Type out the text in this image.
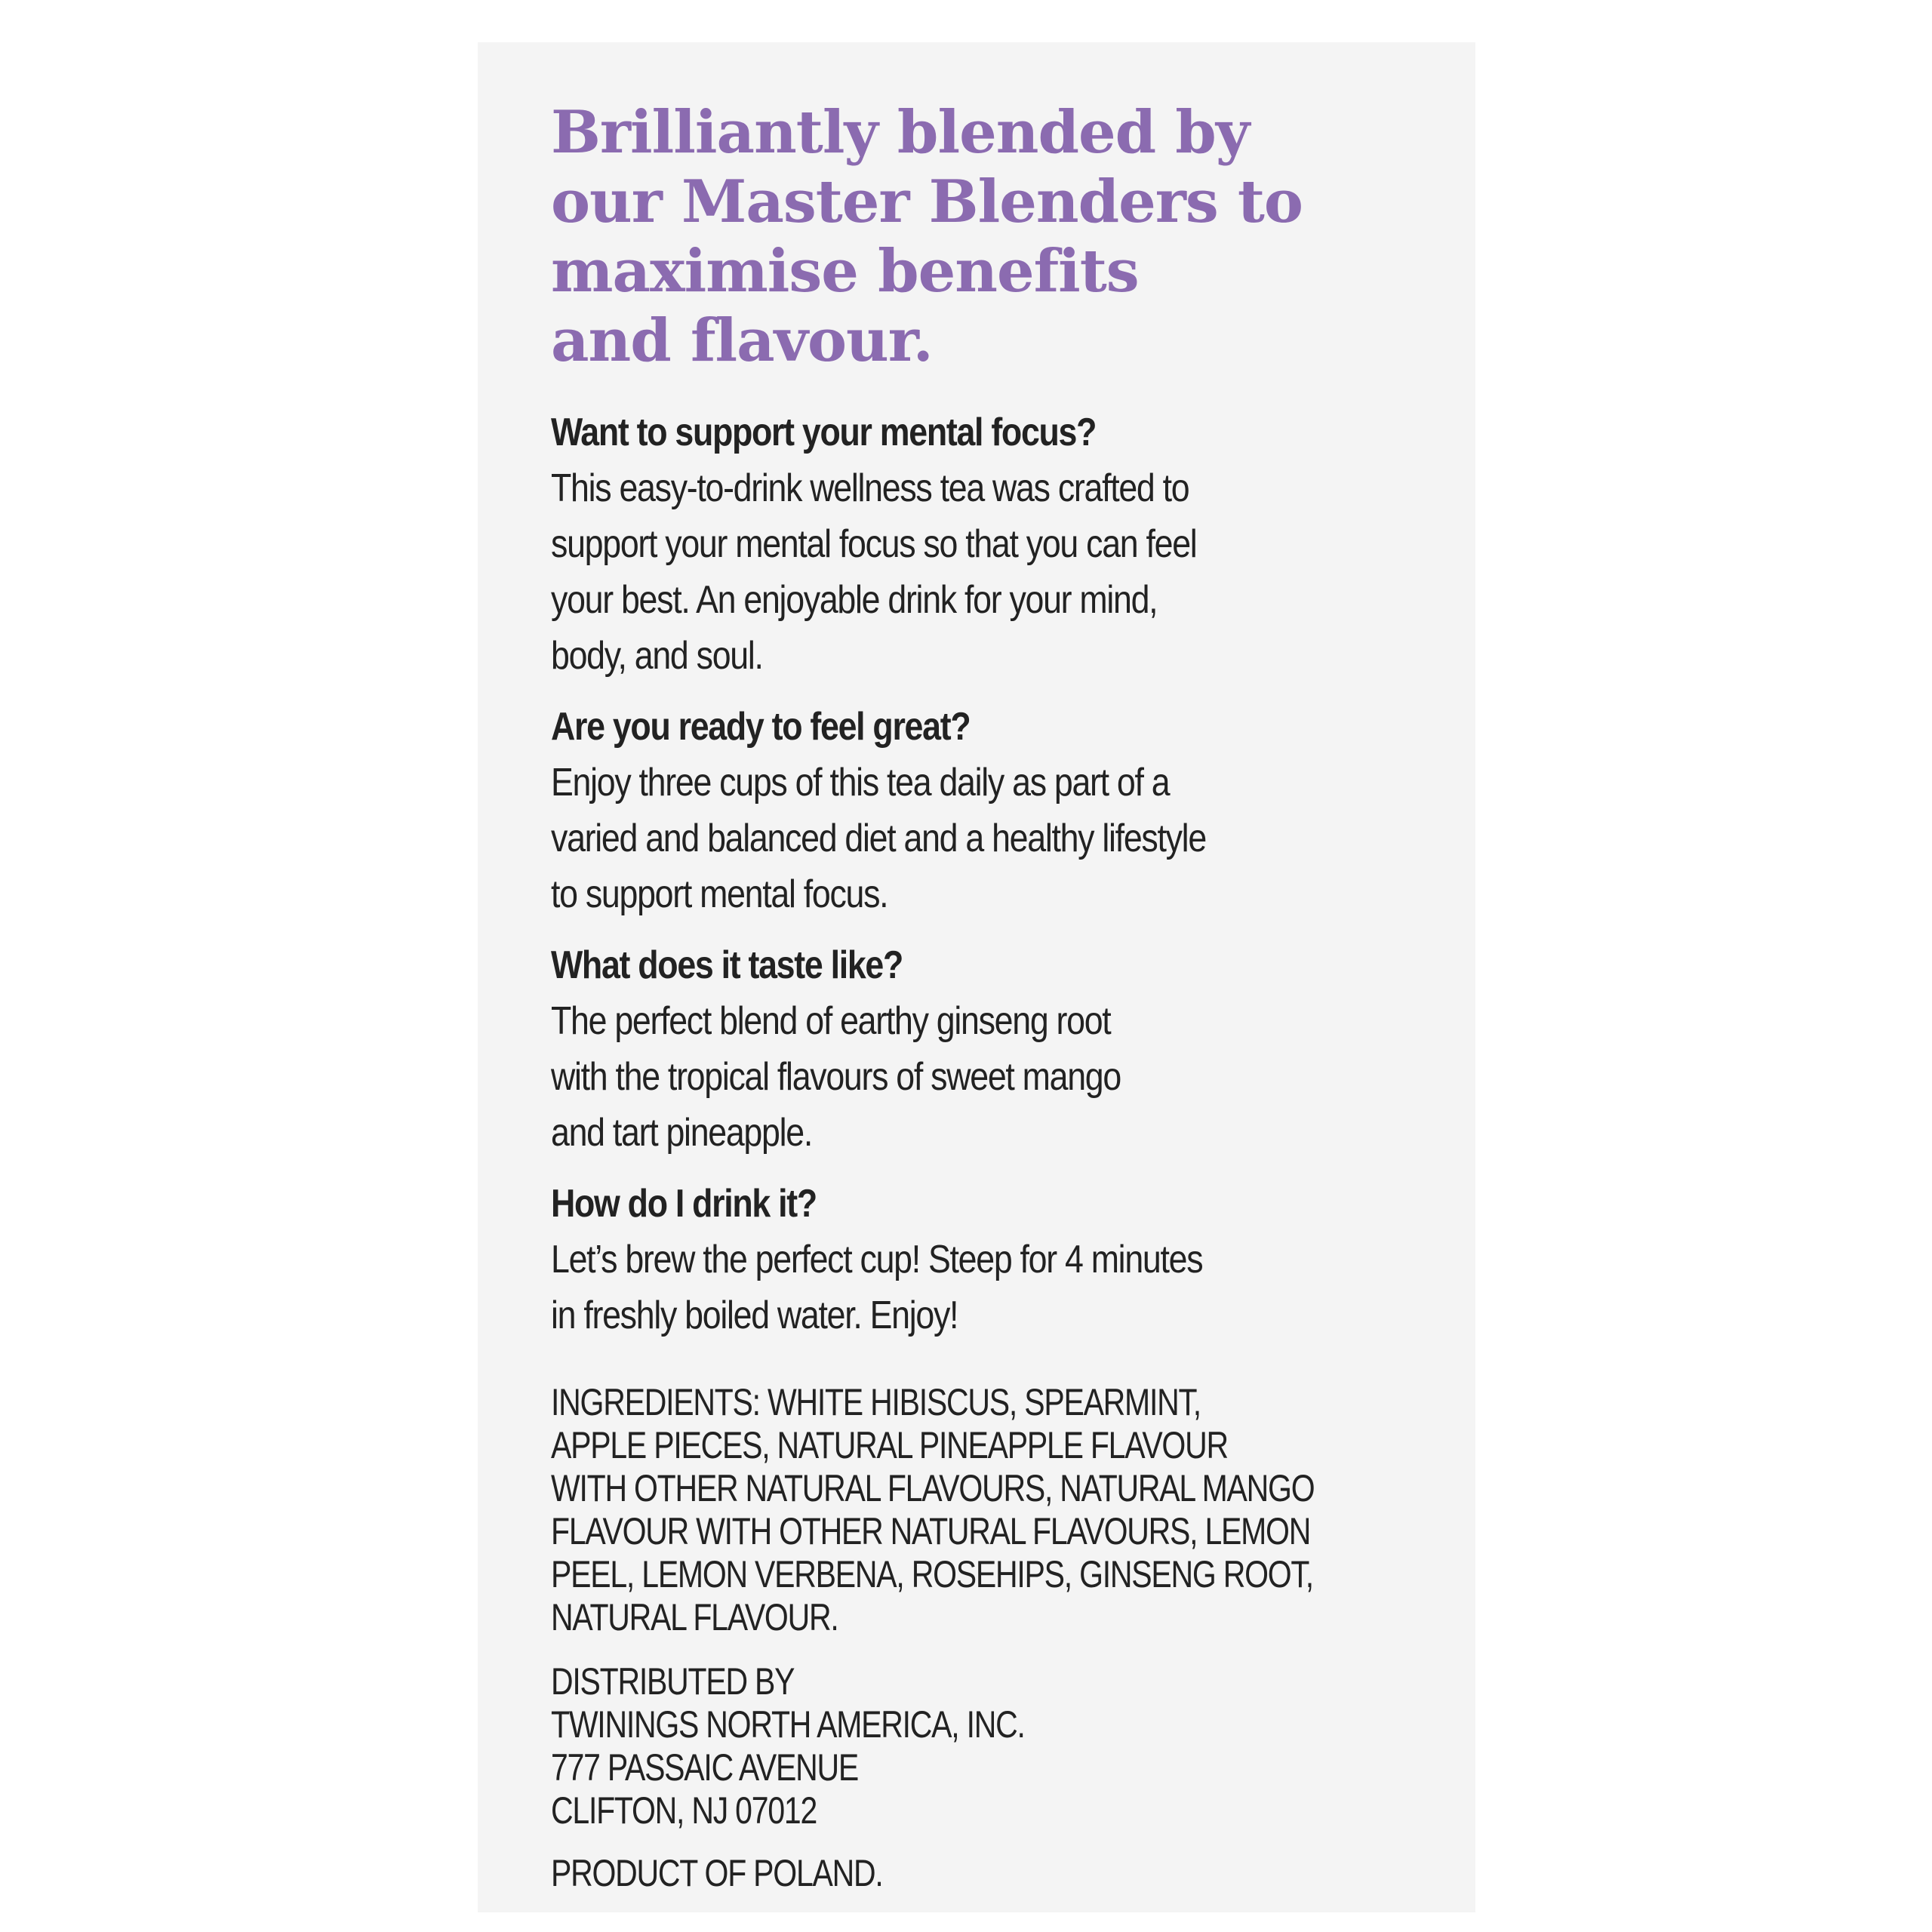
Brilliantly blended by
our Master Blenders to
maximise benefits
and flavour.
Want to support your mental focus?
This easy-to-drink wellness tea was crafted to
support your mental focus so that you can feel
your best. An enjoyable drink for your mind,
body, and soul.
Are you ready to feel great?
Enjoy three cups of this tea daily as part of a
varied and balanced diet and a healthy lifestyle
to support mental focus.
What does it taste like?
The perfect blend of earthy ginseng root
with the tropical flavours of sweet mango
and tart pineapple.
How do I drink it?
Let’s brew the perfect cup! Steep for 4 minutes
in freshly boiled water. Enjoy!
INGREDIENTS: WHITE HIBISCUS, SPEARMINT,
APPLE PIECES, NATURAL PINEAPPLE FLAVOUR
WITH OTHER NATURAL FLAVOURS, NATURAL MANGO
FLAVOUR WITH OTHER NATURAL FLAVOURS, LEMON
PEEL, LEMON VERBENA, ROSEHIPS, GINSENG ROOT,
NATURAL FLAVOUR.
DISTRIBUTED BY
TWININGS NORTH AMERICA, INC.
777 PASSAIC AVENUE
CLIFTON, NJ 07012
PRODUCT OF POLAND.
